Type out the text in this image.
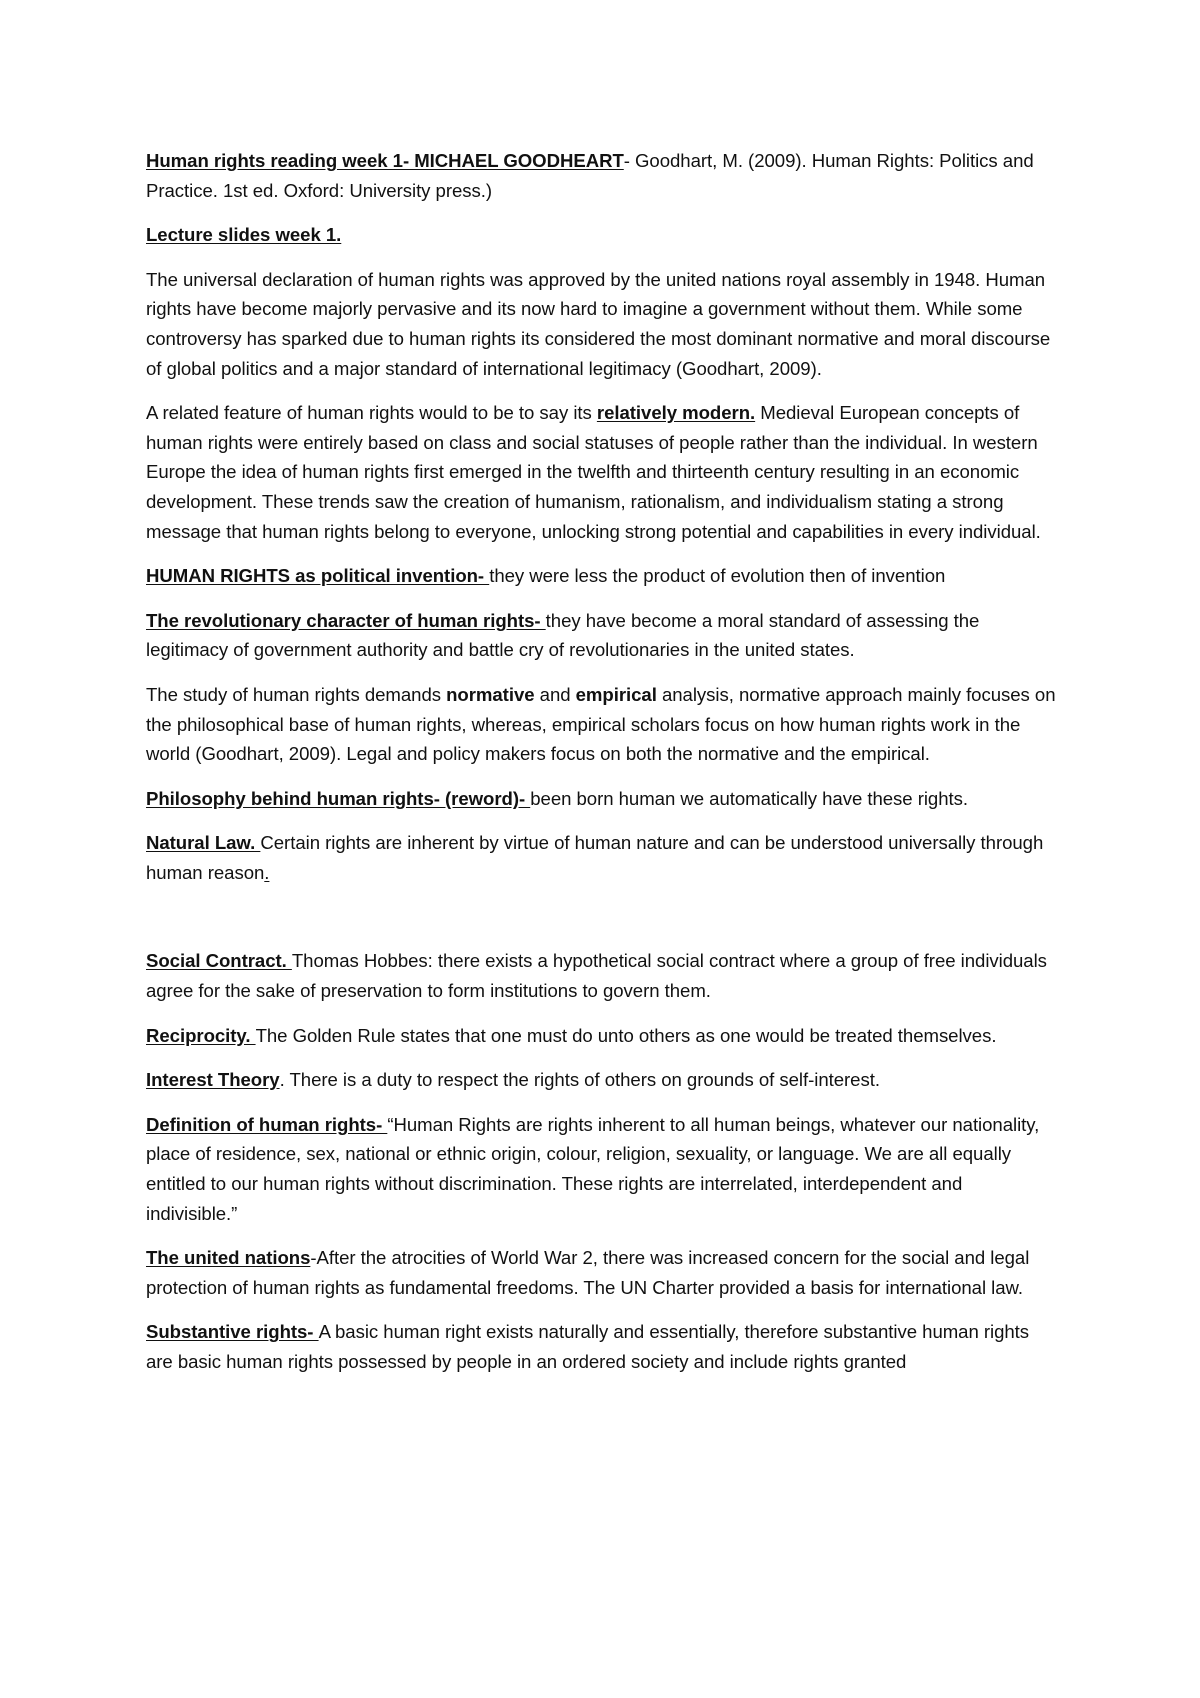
Human rights reading week 1- MICHAEL GOODHEART- Goodhart, M. (2009). Human Rights: Politics and Practice. 1st ed. Oxford: University press.)

Lecture slides week 1.

The universal declaration of human rights was approved by the united nations royal assembly in 1948. Human rights have become majorly pervasive and its now hard to imagine a government without them. While some controversy has sparked due to human rights its considered the most dominant normative and moral discourse of global politics and a major standard of international legitimacy (Goodhart, 2009).

A related feature of human rights would to be to say its relatively modern. Medieval European concepts of human rights were entirely based on class and social statuses of people rather than the individual. In western Europe the idea of human rights first emerged in the twelfth and thirteenth century resulting in an economic development. These trends saw the creation of humanism, rationalism, and individualism stating a strong message that human rights belong to everyone, unlocking strong potential and capabilities in every individual.

HUMAN RIGHTS as political invention- they were less the product of evolution then of invention

The revolutionary character of human rights- they have become a moral standard of assessing the legitimacy of government authority and battle cry of revolutionaries in the united states.

The study of human rights demands normative and empirical analysis, normative approach mainly focuses on the philosophical base of human rights, whereas, empirical scholars focus on how human rights work in the world (Goodhart, 2009). Legal and policy makers focus on both the normative and the empirical.

Philosophy behind human rights- (reword)- been born human we automatically have these rights.

Natural Law. Certain rights are inherent by virtue of human nature and can be understood universally through human reason.

Social Contract. Thomas Hobbes: there exists a hypothetical social contract where a group of free individuals agree for the sake of preservation to form institutions to govern them.

Reciprocity. The Golden Rule states that one must do unto others as one would be treated themselves.

Interest Theory. There is a duty to respect the rights of others on grounds of self-interest.

Definition of human rights- “Human Rights are rights inherent to all human beings, whatever our nationality, place of residence, sex, national or ethnic origin, colour, religion, sexuality, or language. We are all equally entitled to our human rights without discrimination. These rights are interrelated, interdependent and indivisible.”

The united nations-After the atrocities of World War 2, there was increased concern for the social and legal protection of human rights as fundamental freedoms. The UN Charter provided a basis for international law.

Substantive rights- A basic human right exists naturally and essentially, therefore substantive human rights are basic human rights possessed by people in an ordered society and include rights granted
